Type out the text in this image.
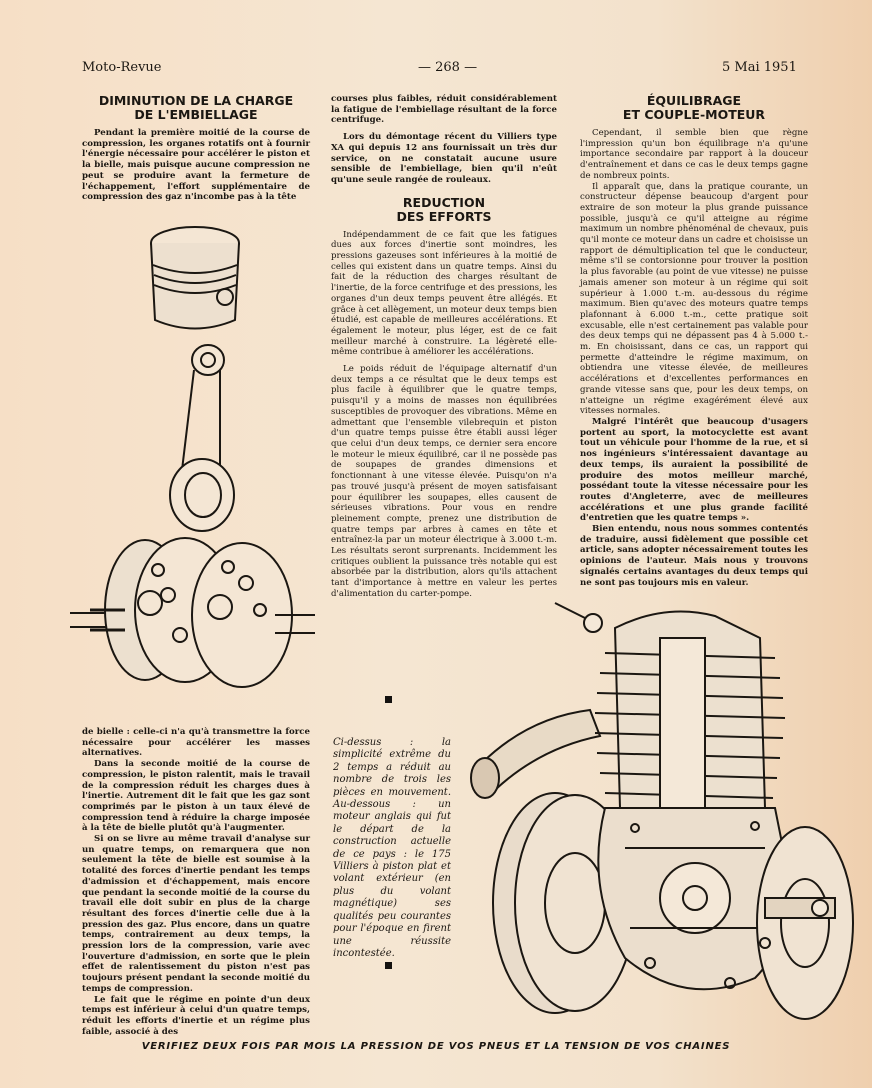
Moto-Revue	— 268 —	5 Mai 1951
DIMINUTION DE LA CHARGE
DE L'EMBIELLAGE

Pendant la première moitié de la course de compression, les organes rotatifs ont à fournir l'énergie nécessaire pour accélérer le piston et la bielle, mais puisque aucune compression ne peut se produire avant la fermeture de l'échappement, l'effort supplémentaire de compression des gaz n'incombe pas à la tête

de bielle : celle-ci n'a qu'à transmettre la force nécessaire pour accélérer les masses alternatives.

Dans la seconde moitié de la course de compression, le piston ralentit, mais le travail de la compression réduit les charges dues à l'inertie. Autrement dit le fait que les gaz sont comprimés par le piston à un taux élevé de compression tend à réduire la charge imposée à la tête de bielle plutôt qu'à l'augmenter.

Si on se livre au même travail d'analyse sur un quatre temps, on remarquera que non seulement la tête de bielle est soumise à la totalité des forces d'inertie pendant les temps d'admission et d'échappement, mais encore que pendant la seconde moitié de la course du travail elle doit subir en plus de la charge résultant des forces d'inertie celle due à la pression des gaz. Plus encore, dans un quatre temps, contrairement au deux temps, la pression lors de la compression, varie avec l'ouverture d'admission, en sorte que le plein effet de ralentissement du piston n'est pas toujours présent pendant la seconde moitié du temps de compression.

Le fait que le régime en pointe d'un deux temps est inférieur à celui d'un quatre temps, réduit les efforts d'inertie et un régime plus faible, associé à des

courses plus faibles, réduit considérablement la fatigue de l'embiellage résultant de la force centrifuge.

Lors du démontage récent du Villiers type XA qui depuis 12 ans fournissait un très dur service, on ne constatait aucune usure sensible de l'embiellage, bien qu'il n'eût qu'une seule rangée de rouleaux.

REDUCTION
DES EFFORTS

Indépendamment de ce fait que les fatigues dues aux forces d'inertie sont moindres, les pressions gazeuses sont inférieures à la moitié de celles qui existent dans un quatre temps. Ainsi du fait de la réduction des charges résultant de l'inertie, de la force centrifuge et des pressions, les organes d'un deux temps peuvent être allégés. Et grâce à cet allègement, un moteur deux temps bien étudié, est capable de meilleures accélérations. Et également le moteur, plus léger, est de ce fait meilleur marché à construire. La légèreté elle-même contribue à améliorer les accélérations.

Le poids réduit de l'équipage alternatif d'un deux temps a ce résultat que le deux temps est plus facile à équilibrer que le quatre temps, puisqu'il y a moins de masses non équilibrées susceptibles de provoquer des vibrations. Même en admettant que l'ensemble vilebrequin et piston d'un quatre temps puisse être établi aussi léger que celui d'un deux temps, ce dernier sera encore le moteur le mieux équilibré, car il ne possède pas de soupapes de grandes dimensions et fonctionnant à une vitesse élevée. Puisqu'on n'a pas trouvé jusqu'à présent de moyen satisfaisant pour équilibrer les soupapes, elles causent de sérieuses vibrations. Pour vous en rendre pleinement compte, prenez une distribution de quatre temps par arbres à cames en tête et entraînez-la par un moteur électrique à 3.000 t.-m. Les résultats seront surprenants. Incidemment les critiques oublient la puissance très notable qui est absorbée par la distribution, alors qu'ils attachent tant d'importance à mettre en valeur les pertes d'alimentation du carter-pompe.

ÉQUILIBRAGE
ET COUPLE-MOTEUR

Cependant, il semble bien que règne l'impression qu'un bon équilibrage n'a qu'une importance secondaire par rapport à la douceur d'entraînement et dans ce cas le deux temps gagne de nombreux points.

Il apparaît que, dans la pratique courante, un constructeur dépense beaucoup d'argent pour extraire de son moteur la plus grande puissance possible, jusqu'à ce qu'il atteigne au régime maximum un nombre phénoménal de chevaux, puis qu'il monte ce moteur dans un cadre et choisisse un rapport de démultiplication tel que le conducteur, même s'il se contorsionne pour trouver la position la plus favorable (au point de vue vitesse) ne puisse jamais amener son moteur à un régime qui soit supérieur à 1.000 t.-m. au-dessous du régime maximum. Bien qu'avec des moteurs quatre temps plafonnant à 6.000 t.-m., cette pratique soit excusable, elle n'est certainement pas valable pour des deux temps qui ne dépassent pas 4 à 5.000 t.-m. En choisissant, dans ce cas, un rapport qui permette d'atteindre le régime maximum, on obtiendra une vitesse élevée, de meilleures accélérations et d'excellentes performances en grande vitesse sans que, pour les deux temps, on n'atteigne un régime exagérément élevé aux vitesses normales.

Malgré l'intérêt que beaucoup d'usagers portent au sport, la motocyclette est avant tout un véhicule pour l'homme de la rue, et si nos ingénieurs s'intéressaient davantage au deux temps, ils auraient la possibilité de produire des motos meilleur marché, possédant toute la vitesse nécessaire pour les routes d'Angleterre, avec de meilleures accélérations et une plus grande facilité d'entretien que les quatre temps ».

Bien entendu, nous nous sommes contentés de traduire, aussi fidèlement que possible cet article, sans adopter nécessairement toutes les opinions de l'auteur. Mais nous y trouvons signalés certains avantages du deux temps qui ne sont pas toujours mis en valeur.

Ci-dessus : la simplicité extrême du 2 temps a réduit au nombre de trois les pièces en mouvement. Au-dessous : un moteur anglais qui fut le départ de la construction actuelle de ce pays : le 175 Villiers à piston plat et volant extérieur (en plus du volant magnétique) ses qualités peu courantes pour l'époque en firent une réussite incontestée.
VERIFIEZ DEUX FOIS PAR MOIS LA PRESSION DE VOS PNEUS ET LA TENSION DE VOS CHAINES
